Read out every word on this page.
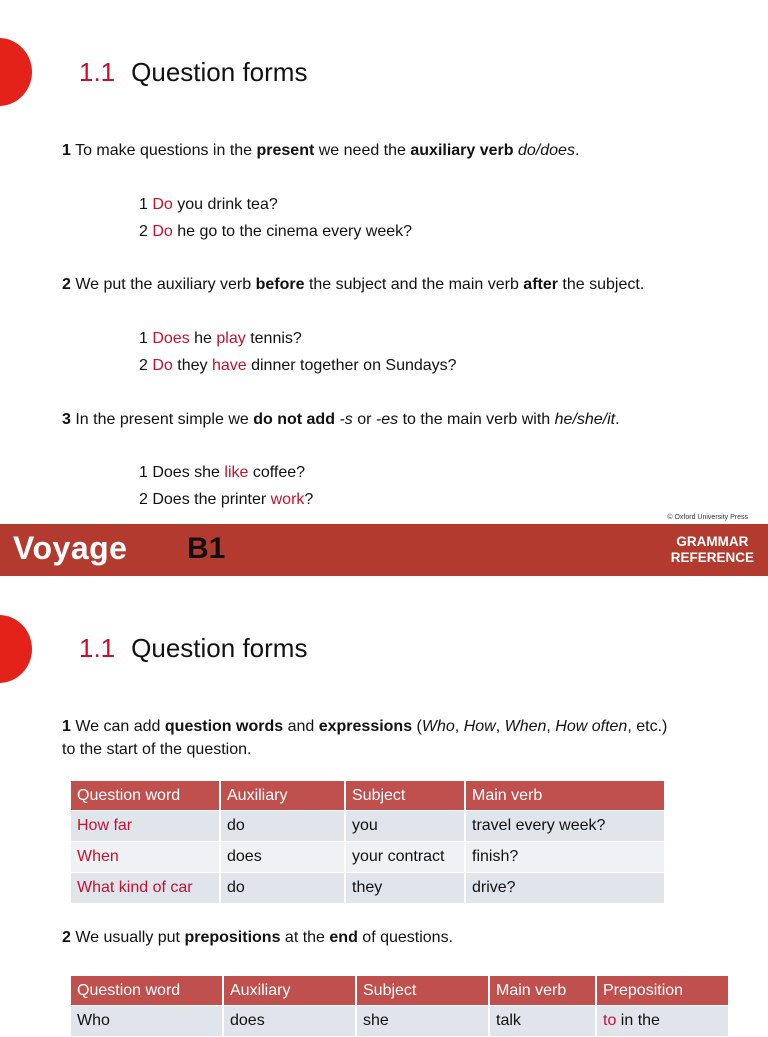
1.1 Question forms
1 To make questions in the present we need the auxiliary verb do/does.
1 Do you drink tea?
2 Do he go to the cinema every week?
2 We put the auxiliary verb before the subject and the main verb after the subject.
1 Does he play tennis?
2 Do they have dinner together on Sundays?
3 In the present simple we do not add -s or -es to the main verb with he/she/it.
1 Does she like coffee?
2 Does the printer work?
© Oxford University Press
Voyage B1	GRAMMAR
REFERENCE
1.1 Question forms
1 We can add question words and expressions (Who, How, When, How often, etc.)
to the start of the question.
Question word	Auxiliary	Subject	Main verb
How far	do	you	travel every week?
When	does	your contract	finish?
What kind of car	do	they	drive?
2 We usually put prepositions at the end of questions.
Question word	Auxiliary	Subject	Main verb	Preposition
Who	does	she	talk	to in the
